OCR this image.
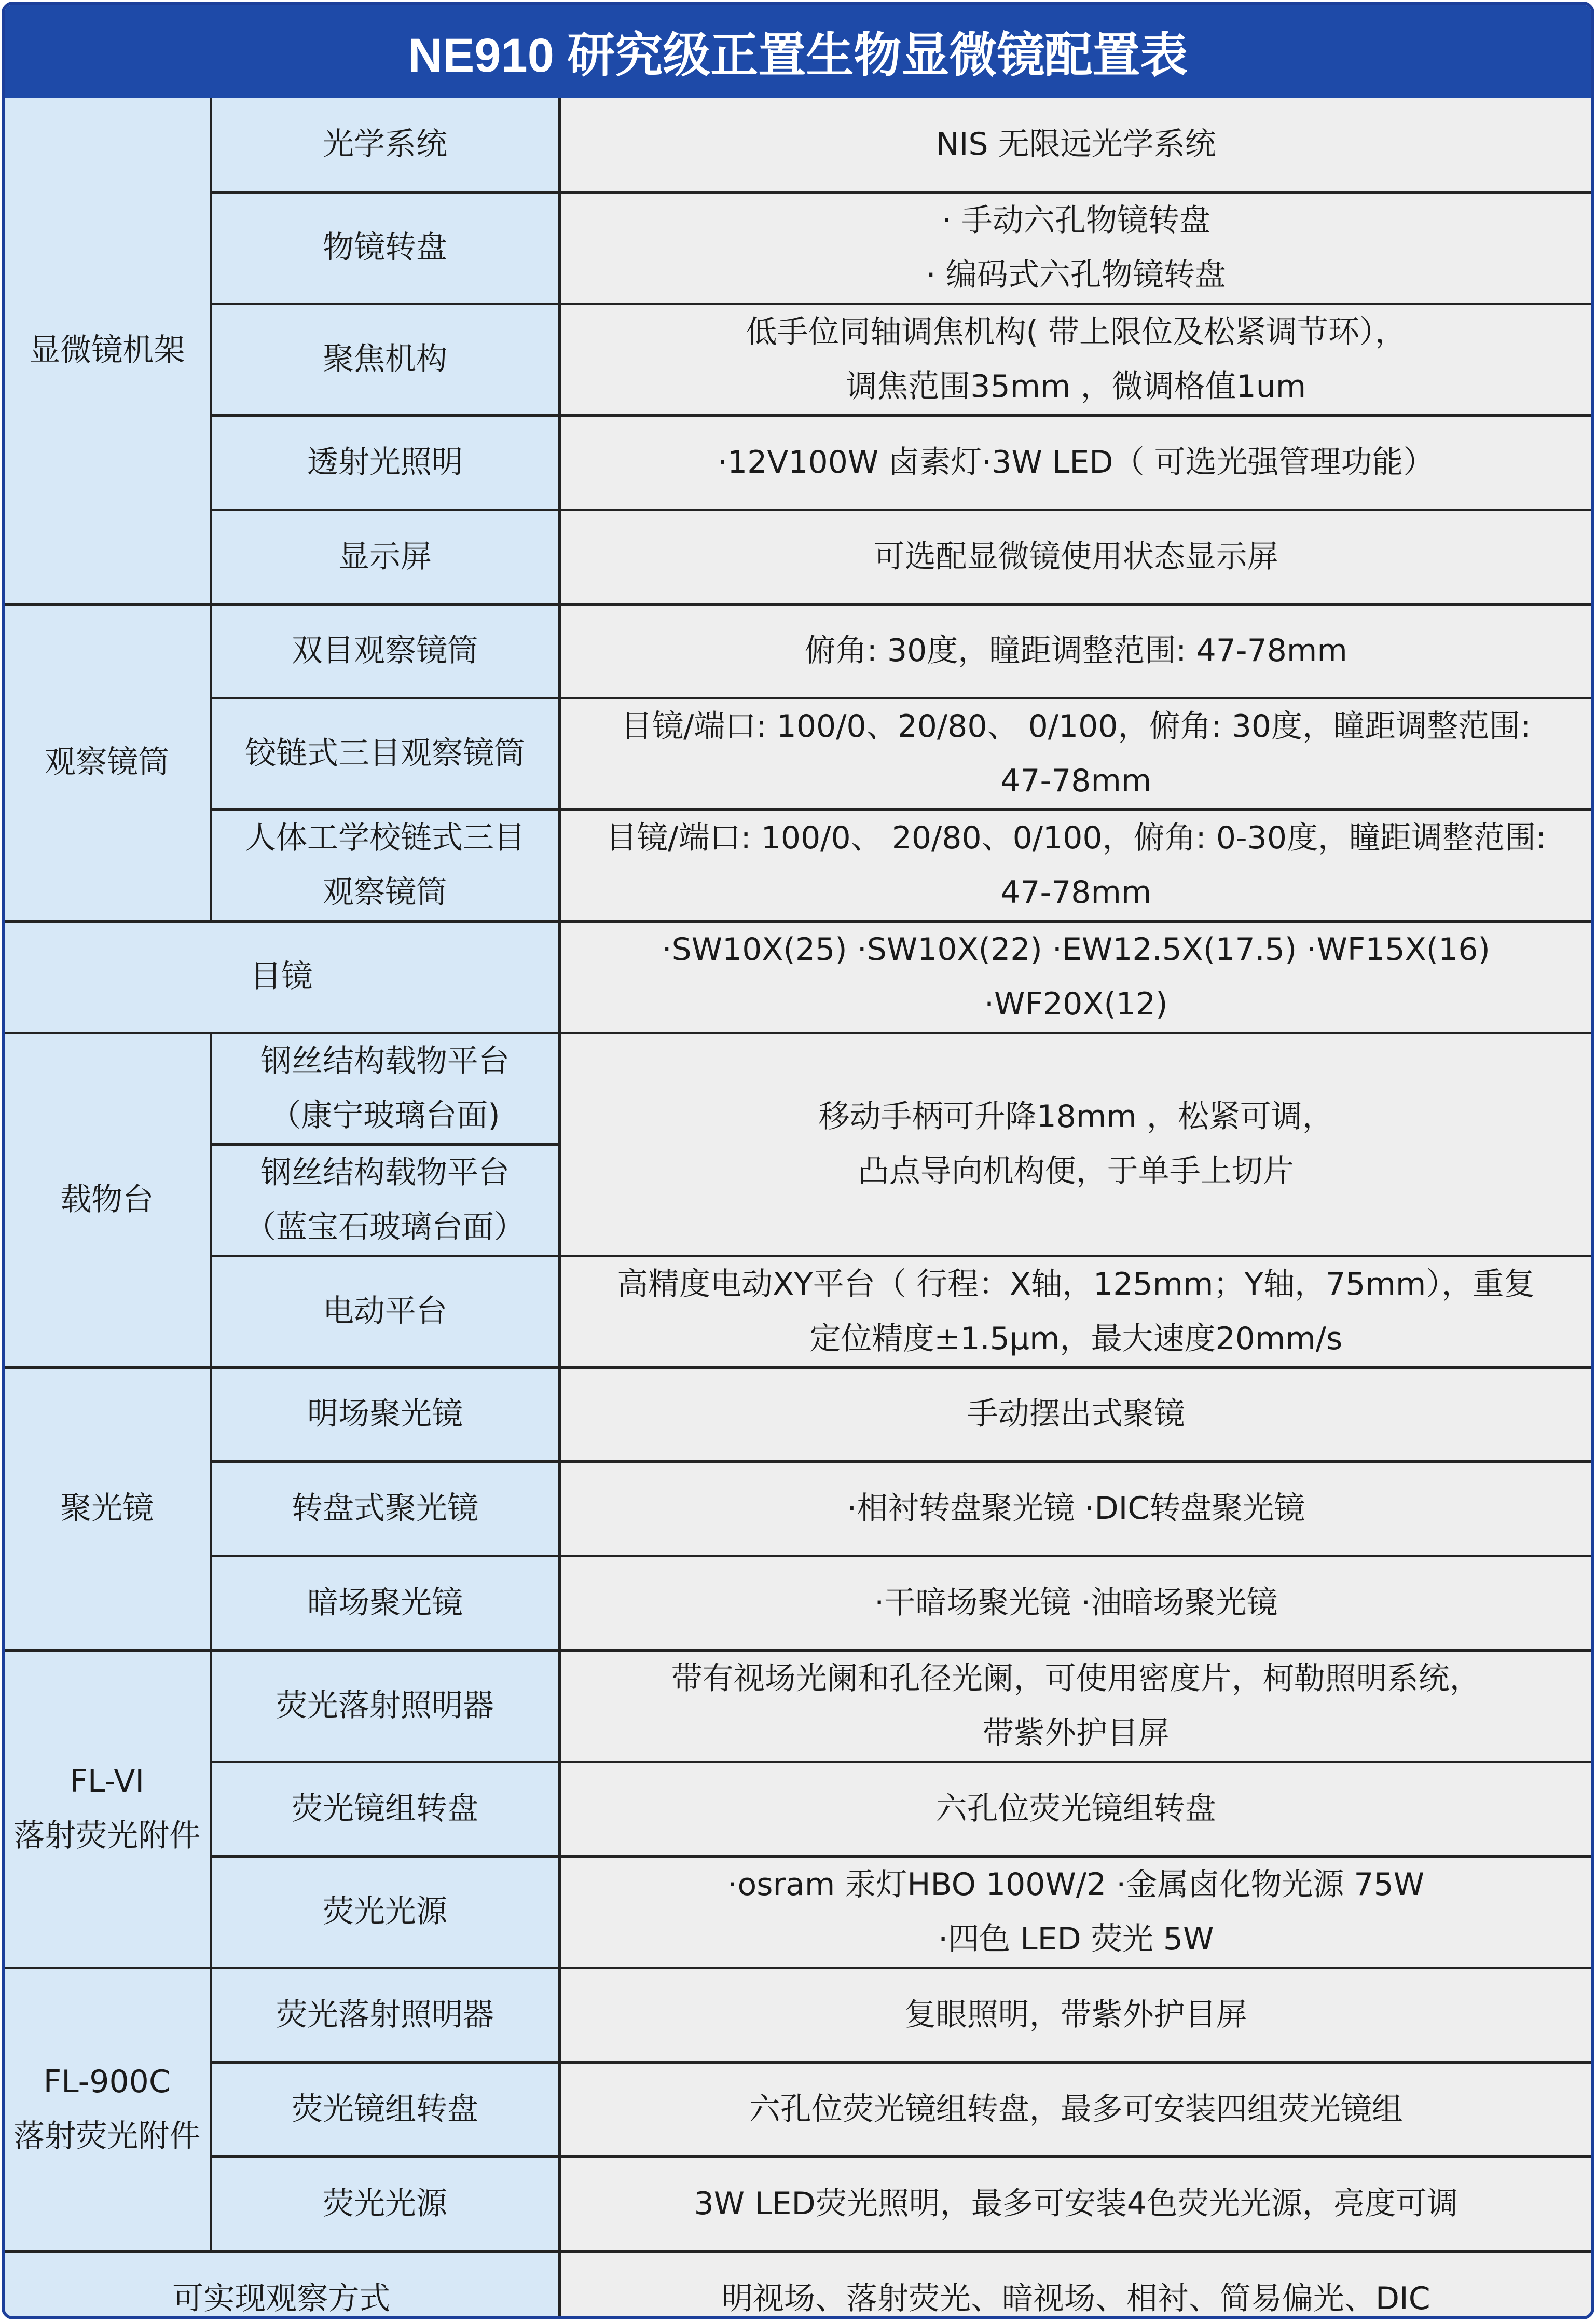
NE910 研究级正置生物显微镜配置表
显微镜机架	光学系统	NIS 无限远光学系统

	物镜转盘	· 手动六孔物镜转盘
· 编码式六孔物镜转盘

	聚焦机构	低手位同轴调焦机构( 带上限位及松紧调节环），
调焦范围35mm ，微调格值1um

	透射光照明	·12V100W 卤素灯·3W LED（ 可选光强管理功能）

	显示屏	可选配显微镜使用状态显示屏

观察镜筒	双目观察镜筒	俯角: 30度，瞳距调整范围: 47-78mm

	铰链式三目观察镜筒	目镜/端口: 100/0、20/80、 0/100，俯角: 30度，瞳距调整范围:
47-78mm

	人体工学校链式三目
观察镜筒	目镜/端口: 100/0、 20/80、0/100，俯角: 0-30度，瞳距调整范围:
47-78mm

目镜		·SW10X(25) ·SW10X(22) ·EW12.5X(17.5) ·WF15X(16)
·WF20X(12)

载物台	钢丝结构载物平台
（康宁玻璃台面)	移动手柄可升降18mm ，松紧可调，
凸点导向机构便，于单手上切片

	钢丝结构载物平台
（蓝宝石玻璃台面）	

	电动平台	高精度电动XY平台（ 行程：X轴，125mm；Y轴，75mm），重复
定位精度±1.5μm，最大速度20mm/s

聚光镜	明场聚光镜	手动摆出式聚镜

	转盘式聚光镜	·相衬转盘聚光镜 ·DIC转盘聚光镜

	暗场聚光镜	·干暗场聚光镜 ·油暗场聚光镜

FL-VI
落射荧光附件	荧光落射照明器	带有视场光阑和孔径光阑，可使用密度片，柯勒照明系统，
带紫外护目屏

	荧光镜组转盘	六孔位荧光镜组转盘

	荧光光源	·osram 汞灯HBO 100W/2 ·金属卤化物光源 75W
·四色 LED 荧光 5W

FL-900C
落射荧光附件	荧光落射照明器	复眼照明，带紫外护目屏

	荧光镜组转盘	六孔位荧光镜组转盘，最多可安装四组荧光镜组

	荧光光源	3W LED荧光照明，最多可安装4色荧光光源，亮度可调

可实现观察方式		明视场、落射荧光、暗视场、相衬、简易偏光、DIC
